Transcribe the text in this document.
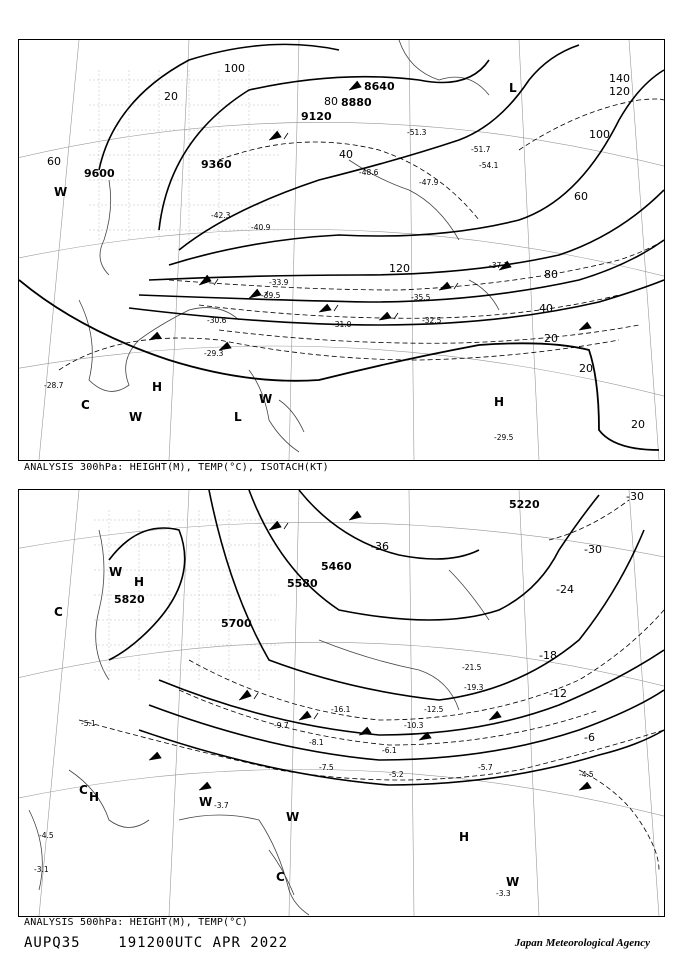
9600
9360
9120
8880
8640
100
80
60
40
20
120
140
120
100
80
60
40
20
20
20
-51.3
-51.7
-54.1
-48.6
-47.9
-42.3
-40.9
-39.5
-37.1
-35.5
-33.9
-32.5
-31.0
-30.6
-29.3
-28.7
-29.5
H
H
L
L
C
W
W
W
ANALYSIS 300hPa: HEIGHT(M), TEMP(°C), ISOTACH(KT)
5820
5700
5580
5460
5220
-36
-30
-24
-18
-12
-6
-30
-21.5
-19.3
-16.1	-12.5
-10.3
-9.7
-8.1
-7.5
-6.1
-5.2
-5.7
-4.5
-3.3
-3.7
-5.1
-4.5
-3.1
H
H
H
C
C
C
W
W
W
W
ANALYSIS 500hPa: HEIGHT(M), TEMP(°C)
AUPQ35	191200UTC APR 2022	Japan Meteorological Agency
